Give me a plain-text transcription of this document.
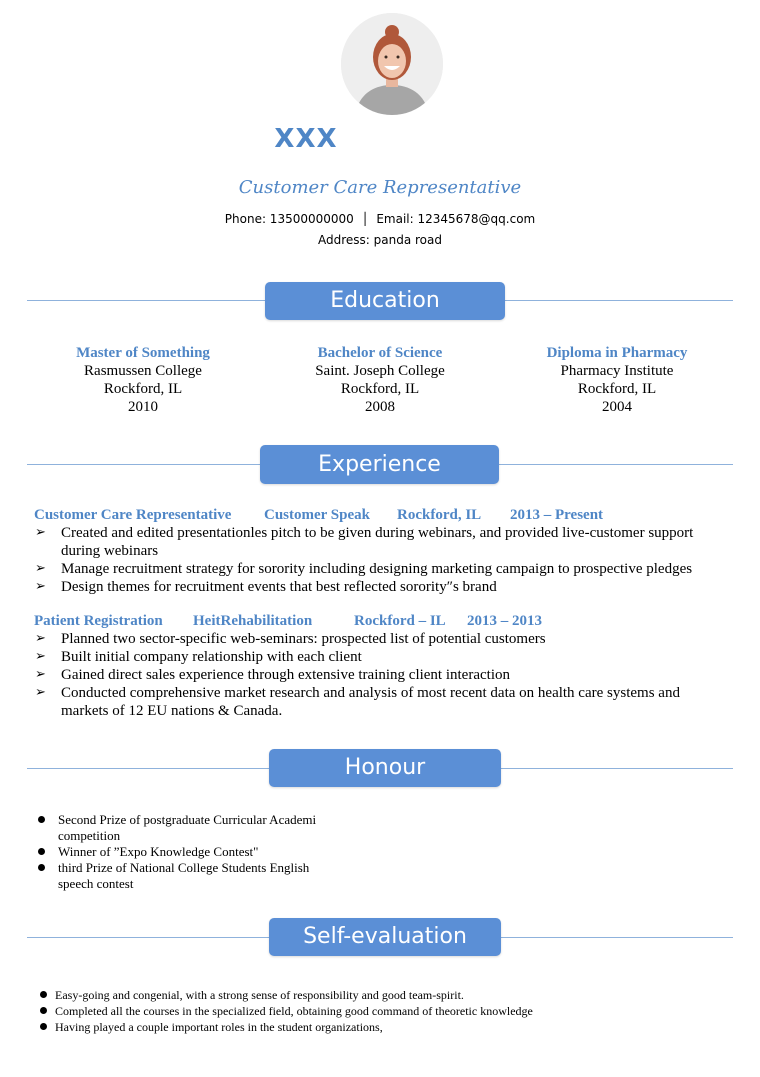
XXX
Customer Care Representative
Phone: 13500000000  │  Email: 12345678@qq.com
Address: panda road
Education
Master of Something
Rasmussen College
Rockford, IL
2010
Bachelor of Science
Saint. Joseph College
Rockford, IL
2008
Diploma in Pharmacy
Pharmacy Institute
Rockford, IL
2004
Experience
Customer Care Representative Customer Speak Rockford, IL 2013 – Present
➢ Created and edited presentationles pitch to be given during webinars, and provided live-customer support during webinars
➢ Manage recruitment strategy for sorority including designing marketing campaign to prospective pledges
➢ Design themes for recruitment events that best reflected sorority″s brand
Patient Registration HeitRehabilitation	Rockford – IL 2013 – 2013
➢ Planned two sector-specific web-seminars: prospected list of potential customers
➢ Built initial company relationship with each client
➢ Gained direct sales experience through extensive training client interaction
➢ Conducted comprehensive market research and analysis of most recent data on health care systems and markets of 12 EU nations & Canada.
Honour
Second Prize of postgraduate Curricular Academi competition
Winner of ”Expo Knowledge Contest"
third Prize of National College Students English speech contest
Self-evaluation
Easy-going and congenial, with a strong sense of responsibility and good team-spirit.
Completed all the courses in the specialized field, obtaining good command of theoretic knowledge
Having played a couple important roles in the student organizations,
